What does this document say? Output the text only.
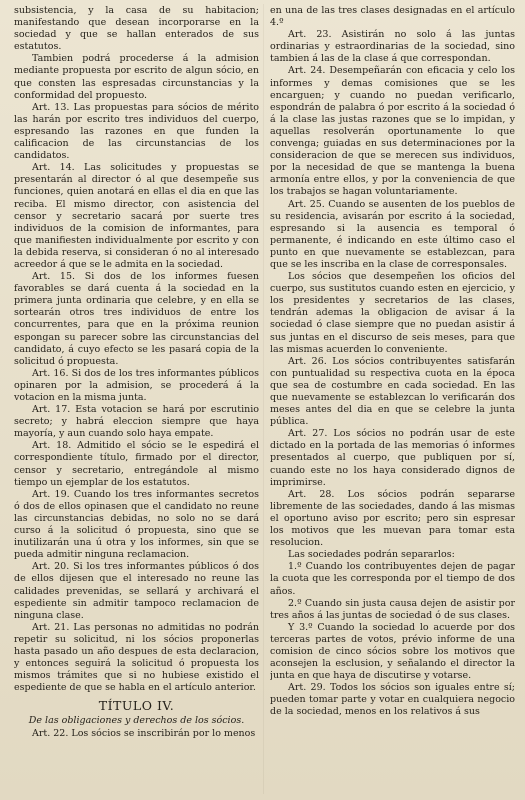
subsistencia, y la casa de su habitacion; manifestando que desean incorporarse en la sociedad y que se hallan enterados de sus estatutos.

Tambien podrá procederse á la admision mediante propuesta por escrito de algun sócio, en que consten las espresadas circunstancias y la conformidad del propuesto.

Art. 13. Las propuestas para sócios de mérito las harán por escrito tres individuos del cuerpo, espresando las razones en que funden la calificacion de las circunstancias de los candidatos.

Art. 14. Las solicitudes y propuestas se presentarán al director ó al que desempeñe sus funciones, quien anotará en ellas el dia en que las reciba. El mismo director, con asistencia del censor y secretario sacará por suerte tres individuos de la comision de informantes, para que manifiesten individualmente por escrito y con la debida reserva, si consideran ó no al interesado acreedor á que se le admita en la sociedad.

Art. 15. Si dos de los informes fuesen favorables se dará cuenta á la sociedad en la primera junta ordinaria que celebre, y en ella se sortearán otros tres individuos de entre los concurrentes, para que en la próxima reunion espongan su parecer sobre las circunstancias del candidato, á cuyo efecto se les pasará copia de la solicitud ó propuesta.

Art. 16. Si dos de los tres informantes públicos opinaren por la admision, se procederá á la votacion en la misma junta.

Art. 17. Esta votacion se hará por escrutinio secreto; y habrá eleccion siempre que haya mayoría, y aun cuando solo haya empate.

Art. 18. Admitido el sócio se le espedirá el correspondiente título, firmado por el director, censor y secretario, entregándole al mismo tiempo un ejemplar de los estatutos.

Art. 19. Cuando los tres informantes secretos ó dos de ellos opinasen que el candidato no reune las circunstancias debidas, no solo no se dará curso á la solicitud ó propuesta, sino que se inutilizarán una ú otra y los informes, sin que se pueda admitir ninguna reclamacion.

Art. 20. Si los tres informantes públicos ó dos de ellos dijesen que el interesado no reune las calidades prevenidas, se sellará y archivará el espediente sin admitir tampoco reclamacion de ninguna clase.

Art. 21. Las personas no admitidas no podrán repetir su solicitud, ni los sócios proponerlas hasta pasado un año despues de esta declaracion, y entonces seguirá la solicitud ó propuesta los mismos trámites que si no hubiese existido el espediente de que se habla en el artículo anterior.

TÍTULO IV.

De las obligaciones y derechos de los sócios.

Art. 22. Los sócios se inscribirán por lo menos

en una de las tres clases designadas en el artículo 4.º

Art. 23. Asistirán no solo á las juntas ordinarias y estraordinarias de la sociedad, sino tambien á las de la clase á que correspondan.

Art. 24. Desempeñarán con eficacia y celo los informes y demas comisiones que se les encarguen; y cuando no puedan verificarlo, espondrán de palabra ó por escrito á la sociedad ó á la clase las justas razones que se lo impidan, y aquellas resolverán oportunamente lo que convenga; guiadas en sus determinaciones por la consideracion de que se merecen sus individuos, por la necesidad de que se mantenga la buena armonía entre ellos, y por la conveniencia de que los trabajos se hagan voluntariamente.

Art. 25. Cuando se ausenten de los pueblos de su residencia, avisarán por escrito á la sociedad, espresando si la ausencia es temporal ó permanente, é indicando en este último caso el punto en que nuevamente se establezcan, para que se les inscriba en la clase de corresponsales.

Los sócios que desempeñen los oficios del cuerpo, sus sustitutos cuando esten en ejercicio, y los presidentes y secretarios de las clases, tendrán ademas la obligacion de avisar á la sociedad ó clase siempre que no puedan asistir á sus juntas en el discurso de seis meses, para que las mismas acuerden lo conveniente.

Art. 26. Los sócios contribuyentes satisfarán con puntualidad su respectiva cuota en la época que sea de costumbre en cada sociedad. En las que nuevamente se establezcan lo verificarán dos meses antes del dia en que se celebre la junta pública.

Art. 27. Los sócios no podrán usar de este dictado en la portada de las memorias ó informes presentados al cuerpo, que publiquen por sí, cuando este no los haya considerado dignos de imprimirse.

Art. 28. Los sócios podrán separarse libremente de las sociedades, dando á las mismas el oportuno aviso por escrito; pero sin espresar los motivos que les muevan para tomar esta resolucion.

Las sociedades podrán separarlos:

1.º Cuando los contribuyentes dejen de pagar la cuota que les corresponda por el tiempo de dos años.

2.º Cuando sin justa causa dejen de asistir por tres años á las juntas de sociedad ó de sus clases.

Y 3.º Cuando la sociedad lo acuerde por dos terceras partes de votos, prévio informe de una comision de cinco sócios sobre los motivos que aconsejen la esclusion, y señalando el director la junta en que haya de discutirse y votarse.

Art. 29. Todos los sócios son iguales entre sí; pueden tomar parte y votar en cualquiera negocio de la sociedad, menos en los relativos á sus
